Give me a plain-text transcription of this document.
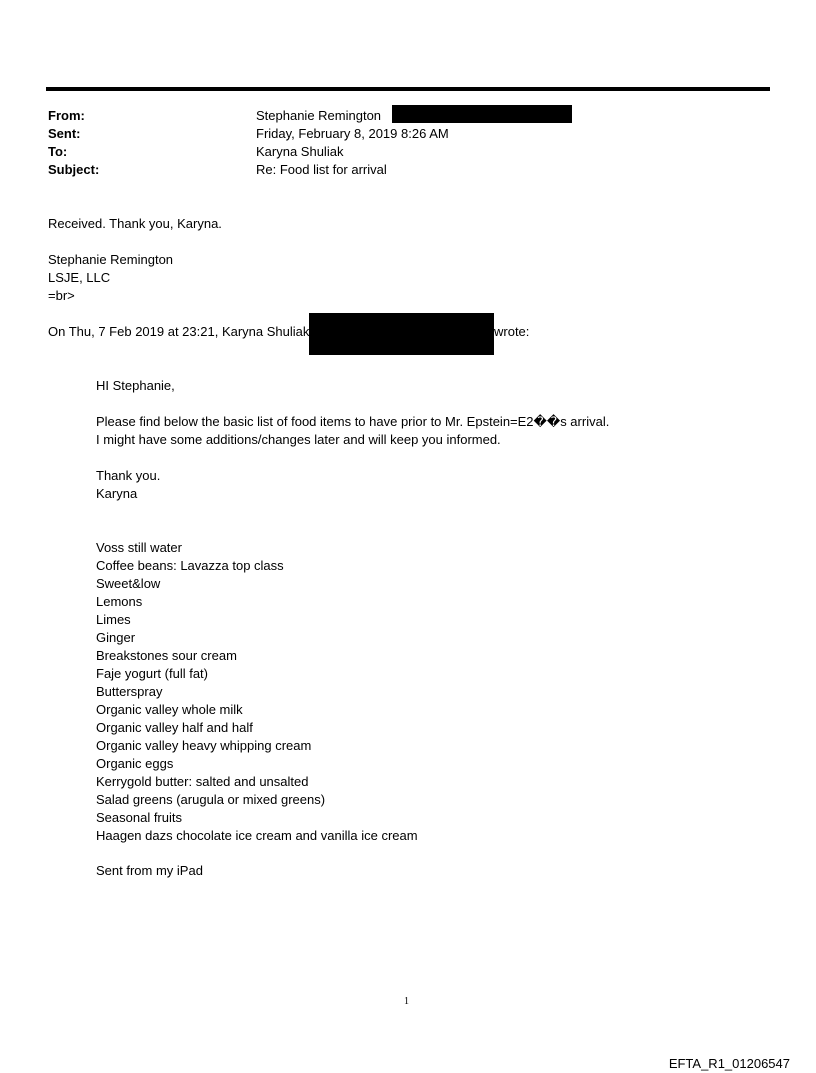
From:	Stephanie Remington
Sent:	Friday, February 8, 2019 8:26 AM
To:	Karyna Shuliak
Subject:	Re: Food list for arrival
Received. Thank you, Karyna.
Stephanie Remington
LSJE, LLC
=br>
On Thu, 7 Feb 2019 at 23:21, Karyna Shuliak	wrote:
HI Stephanie,
Please find below the basic list of food items to have prior to Mr. Epstein=E2��s arrival.
I might have some additions/changes later and will keep you informed.
Thank you.
Karyna
Voss still water
Coffee beans: Lavazza top class
Sweet&low
Lemons
Limes
Ginger
Breakstones sour cream
Faje yogurt (full fat)
Butterspray
Organic valley whole milk
Organic valley half and half
Organic valley heavy whipping cream
Organic eggs
Kerrygold butter: salted and unsalted
Salad greens (arugula or mixed greens)
Seasonal fruits
Haagen dazs chocolate ice cream and vanilla ice cream
Sent from my iPad
1
EFTA_R1_01206547
